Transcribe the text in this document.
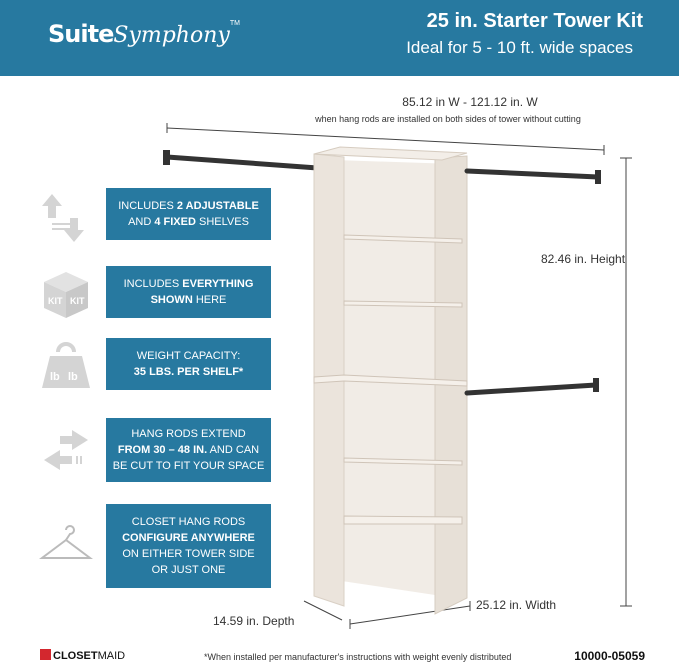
SuiteSymphony™	25 in. Starter Tower Kit
Ideal for 5 - 10 ft. wide spaces
85.12 in W - 121.12 in. W
when hang rods are installed on both sides of tower without cutting
82.46 in. Height
25.12 in. Width
14.59 in. Depth
INCLUDES 2 ADJUSTABLE
AND 4 FIXED SHELVES
KIT KIT
INCLUDES EVERYTHING
SHOWN HERE
lb lb
WEIGHT CAPACITY:
35 LBS. PER SHELF*
HANG RODS EXTEND
FROM 30 – 48 IN. AND CAN
BE CUT TO FIT YOUR SPACE
CLOSET HANG RODS
CONFIGURE ANYWHERE
ON EITHER TOWER SIDE
OR JUST ONE
CLOSETMAID	*When installed per manufacturer's instructions with weight evenly distributed	10000-05059
